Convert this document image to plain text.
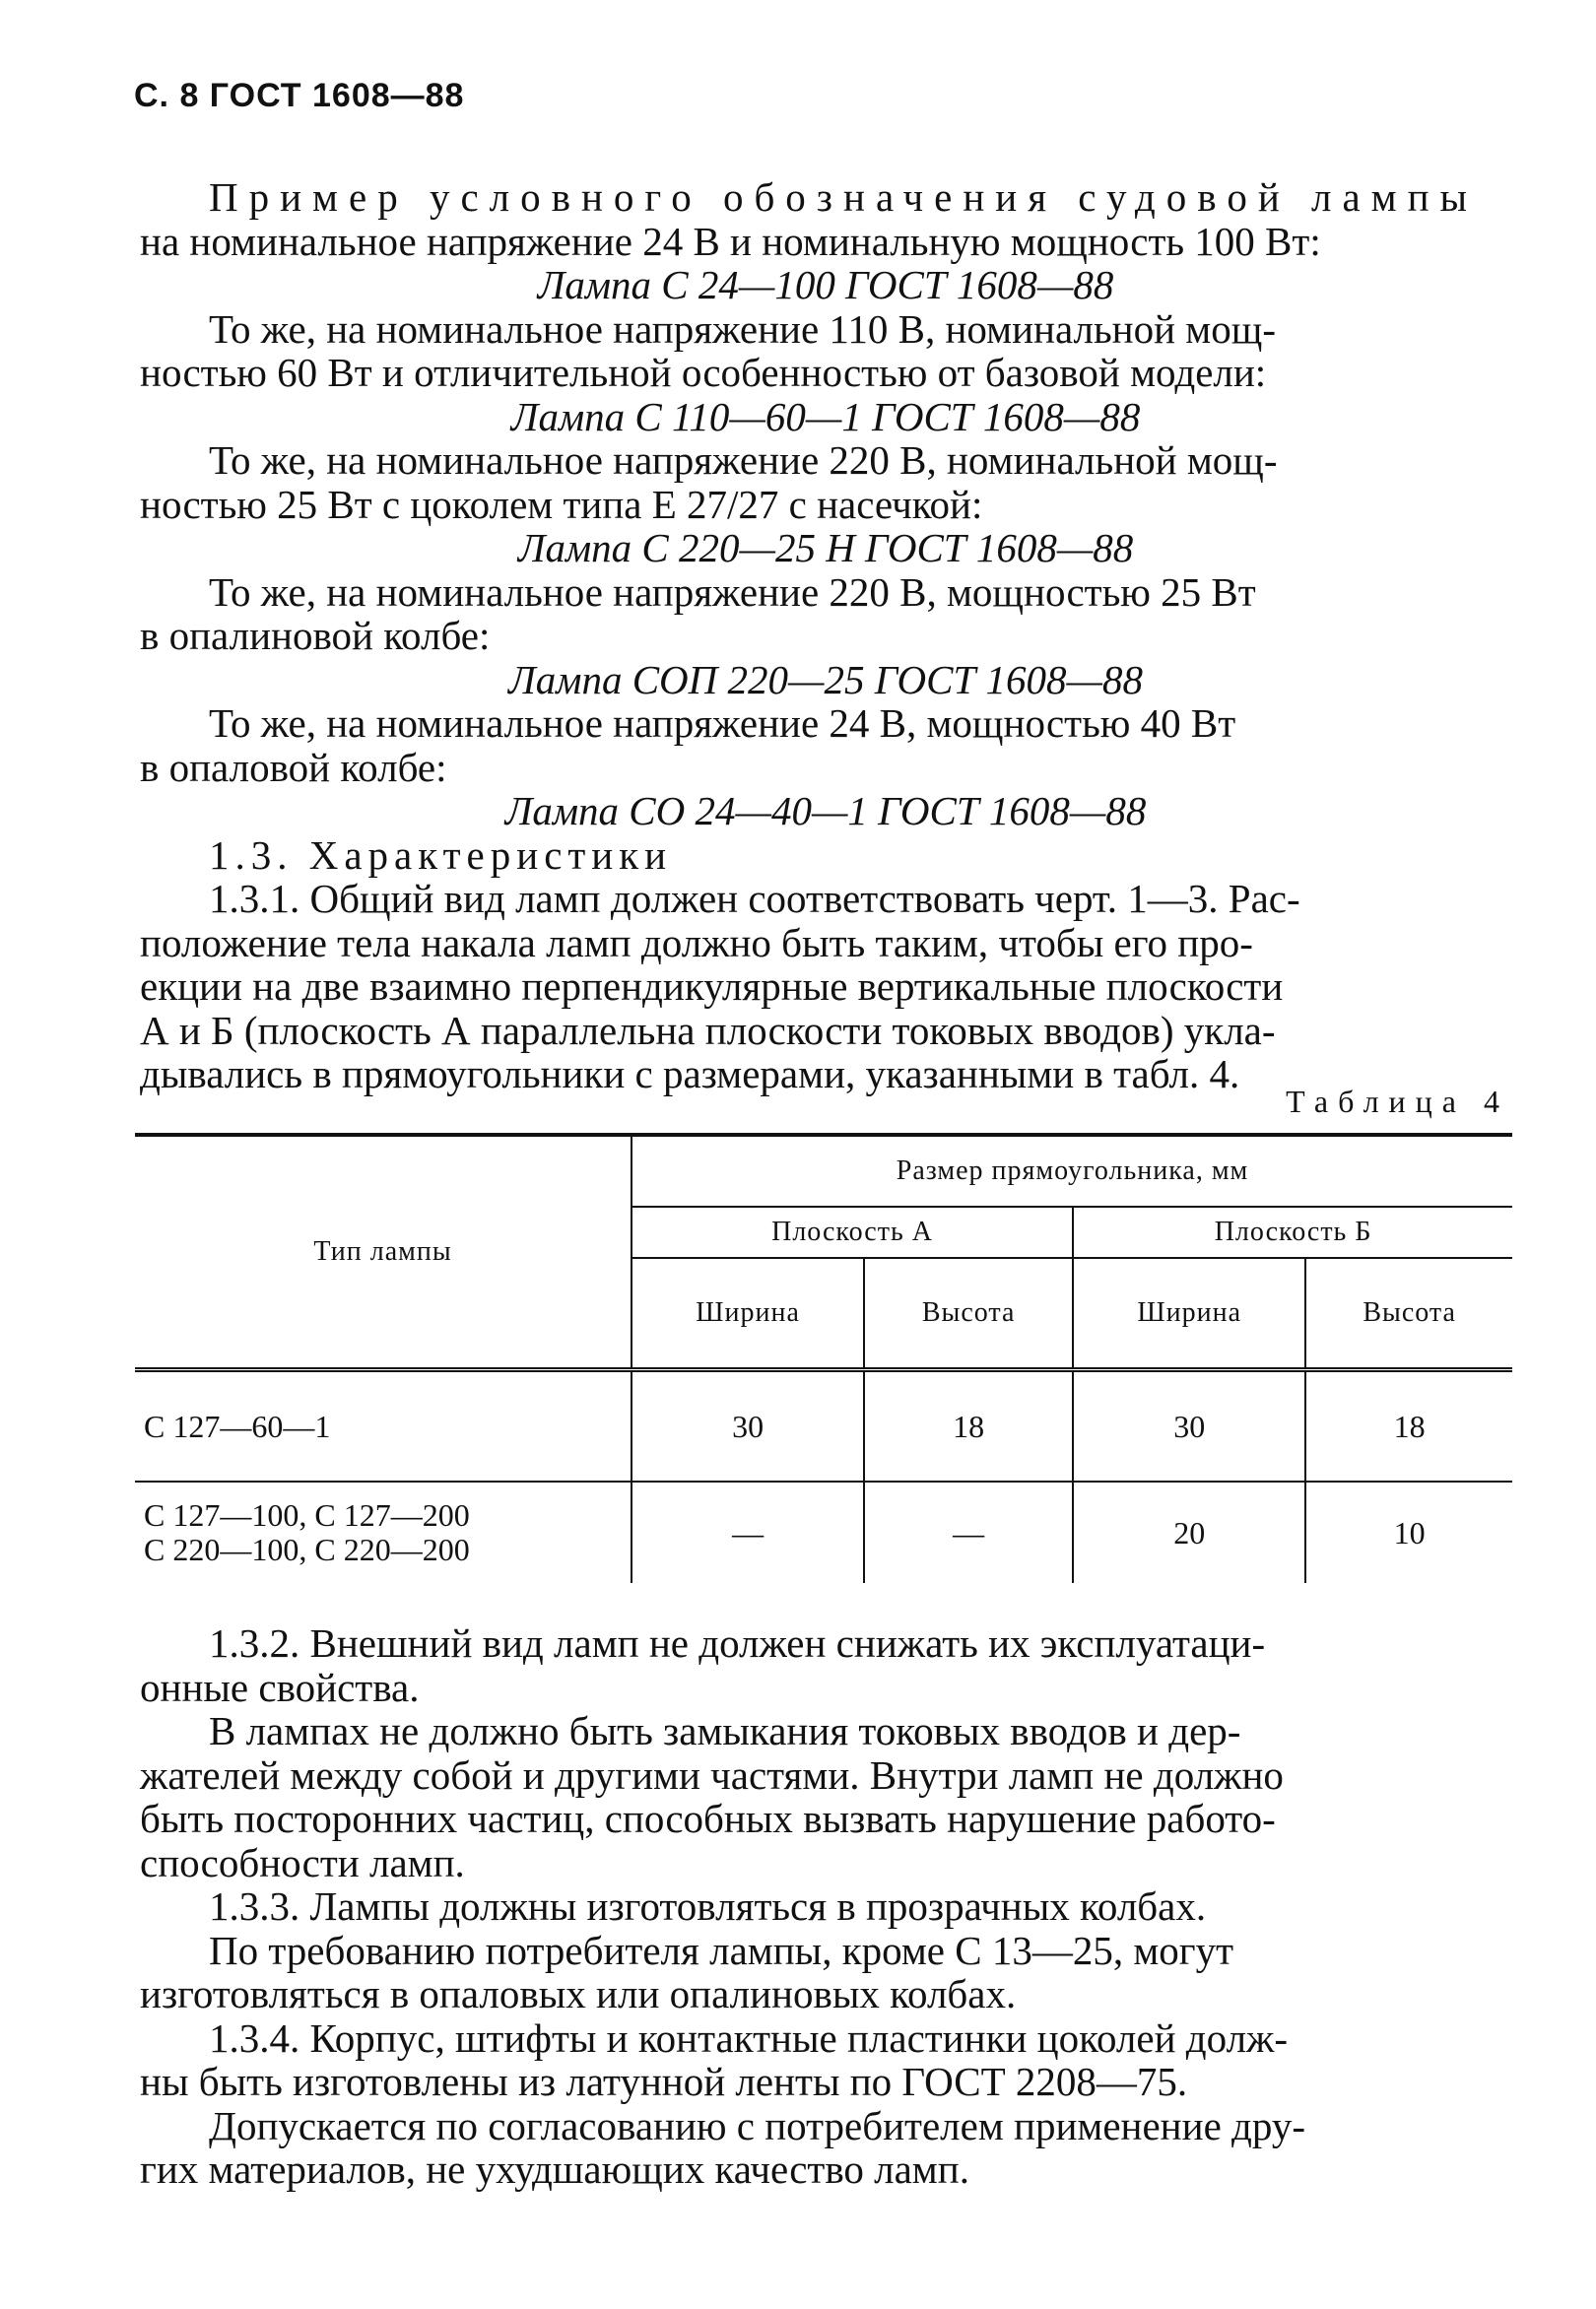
С. 8 ГОСТ 1608—88

Пример условного обозначения судовой лампы
на номинальное напряжение 24 В и номинальную мощность 100 Вт:

Лампа С 24—100 ГОСТ 1608—88

То же, на номинальное напряжение 110 В, номинальной мощ-
ностью 60 Вт и отличительной особенностью от базовой модели:

Лампа С 110—60—1 ГОСТ 1608—88

То же, на номинальное напряжение 220 В, номинальной мощ-
ностью 25 Вт с цоколем типа Е 27/27 с насечкой:

Лампа С 220—25 Н ГОСТ 1608—88

То же, на номинальное напряжение 220 В, мощностью 25 Вт
в опалиновой колбе:

Лампа СОП 220—25 ГОСТ 1608—88

То же, на номинальное напряжение 24 В, мощностью 40 Вт
в опаловой колбе:

Лампа СО 24—40—1 ГОСТ 1608—88

1.3. Характеристики

1.3.1. Общий вид ламп должен соответствовать черт. 1—3. Рас-
положение тела накала ламп должно быть таким, чтобы его про-
екции на две взаимно перпендикулярные вертикальные плоскости
А и Б (плоскость А параллельна плоскости токовых вводов) укла-
дывались в прямоугольники с размерами, указанными в табл. 4.

Таблица 4
Тип лампы	Размер прямоугольника, мм			
	Плоскость А		Плоскость Б	
	Ширина	Высота	Ширина	Высота

С 127—60—1	30	18	30	18
С 127—100, С 127—200
С 220—100, С 220—200	—	—	20	10

1.3.2. Внешний вид ламп не должен снижать их эксплуатаци-
онные свойства.

В лампах не должно быть замыкания токовых вводов и дер-
жателей между собой и другими частями. Внутри ламп не должно
быть посторонних частиц, способных вызвать нарушение работо-
способности ламп.

1.3.3. Лампы должны изготовляться в прозрачных колбах.

По требованию потребителя лампы, кроме С 13—25, могут
изготовляться в опаловых или опалиновых колбах.

1.3.4. Корпус, штифты и контактные пластинки цоколей долж-
ны быть изготовлены из латунной ленты по ГОСТ 2208—75.

Допускается по согласованию с потребителем применение дру-
гих материалов, не ухудшающих качество ламп.
